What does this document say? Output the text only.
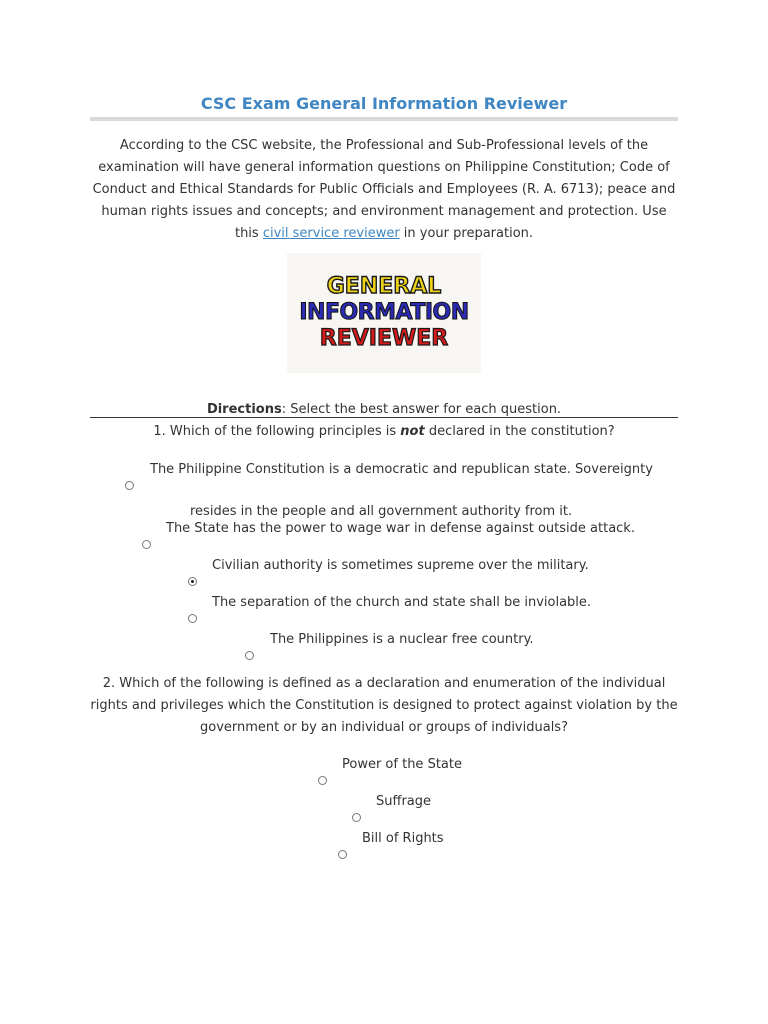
CSC Exam General Information Reviewer
According to the CSC website, the Professional and Sub-Professional levels of the examination will have general information questions on Philippine Constitution; Code of Conduct and Ethical Standards for Public Officials and Employees (R. A. 6713); peace and human rights issues and concepts; and environment management and protection. Use this civil service reviewer in your preparation.
GENERAL
INFORMATION
REVIEWER
Directions: Select the best answer for each question.
1. Which of the following principles is not declared in the constitution?
The Philippine Constitution is a democratic and republican state. Sovereignty
resides in the people and all government authority from it.
The State has the power to wage war in defense against outside attack.
Civilian authority is sometimes supreme over the military.
The separation of the church and state shall be inviolable.
The Philippines is a nuclear free country.
2. Which of the following is defined as a declaration and enumeration of the individual rights and privileges which the Constitution is designed to protect against violation by the government or by an individual or groups of individuals?
Power of the State
Suffrage
Bill of Rights
